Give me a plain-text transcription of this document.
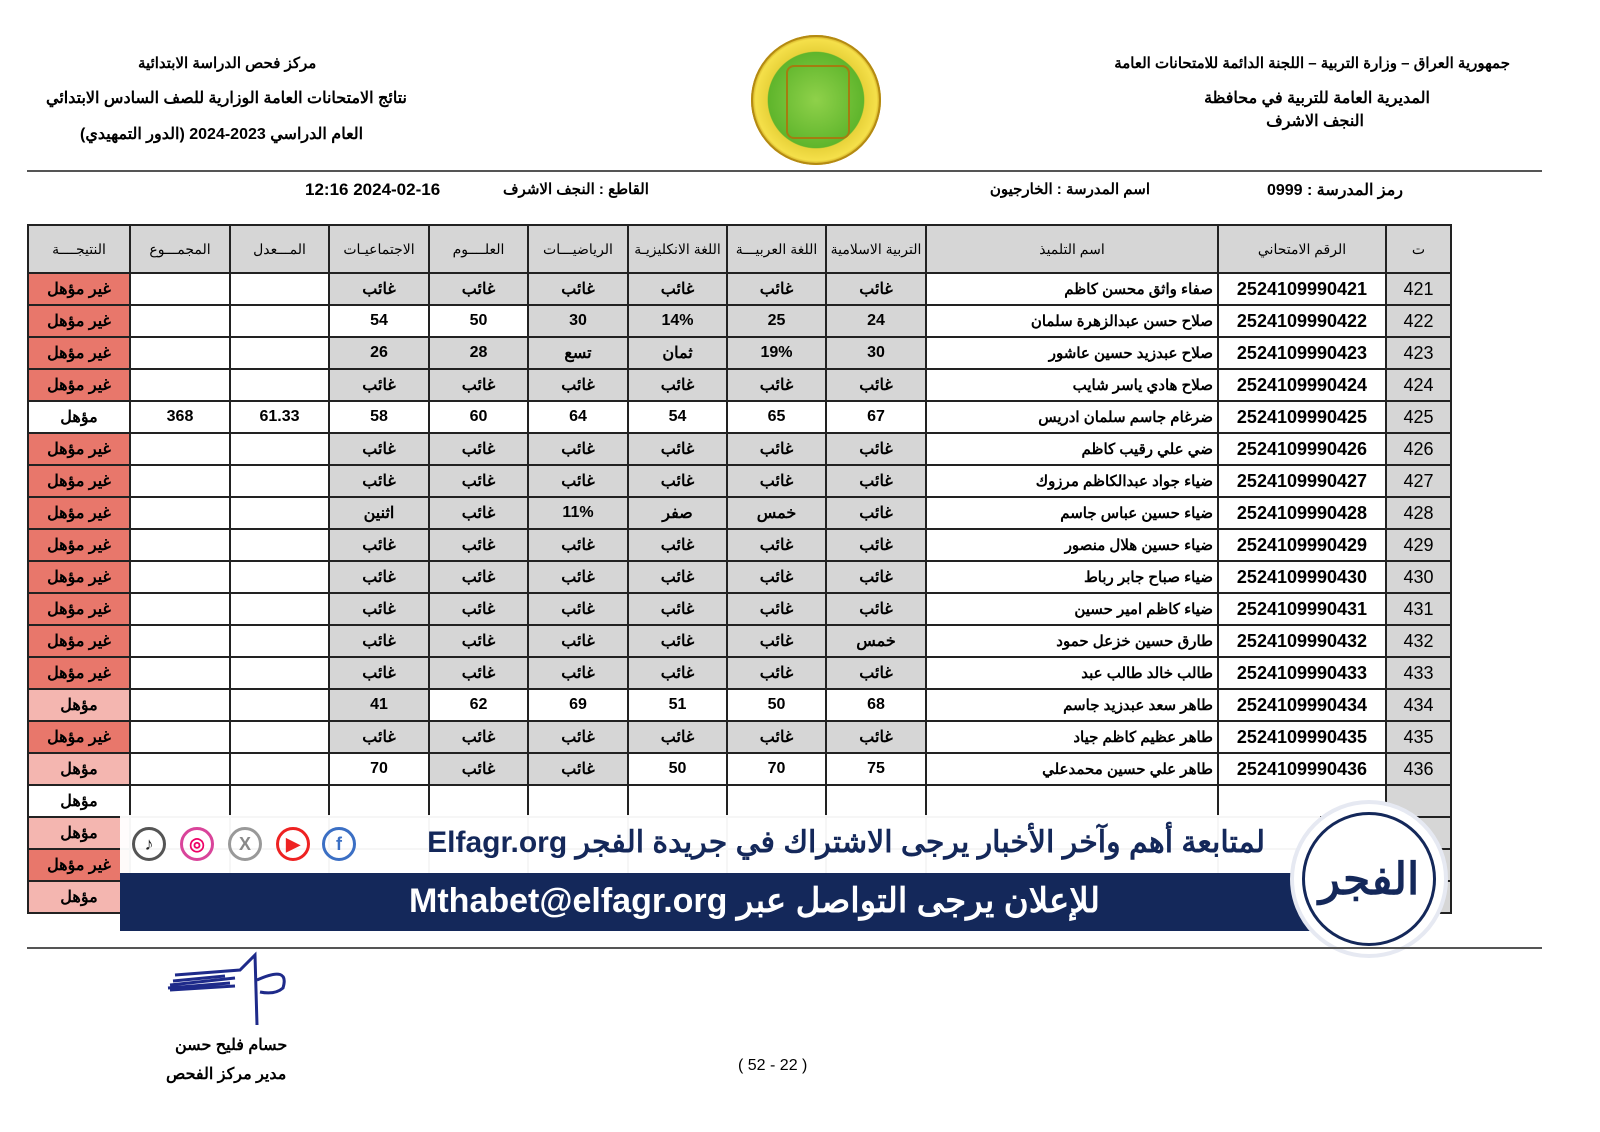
جمهورية العراق – وزارة التربية – اللجنة الدائمة للامتحانات العامة
المديرية العامة للتربية في محافظة
النجف الاشرف
مركز فحص الدراسة الابتدائية
نتائج الامتحانات العامة الوزارية للصف السادس الابتدائي
العام الدراسي 2023-2024 (الدور التمهيدي)
رمز المدرسة : 0999
اسم المدرسة : الخارجيون
القاطع : النجف الاشرف
12:16 2024-02-16
ت	الرقم الامتحاني	اسم التلميذ	التربية الاسلامية	اللغة العربيـــة	اللغة الانكليزيـة	الرياضيـــات	العلــــوم	الاجتماعيـات	المـــعدل	المجمـــوع	النتيجــــة
421	2524109990421	صفاء واثق محسن كاظم	غائب	غائب	غائب	غائب	غائب	غائب			غير مؤهل
422	2524109990422	صلاح حسن عبدالزهرة سلمان	24	25	14%	30	50	54			غير مؤهل
423	2524109990423	صلاح عبدزيد حسين عاشور	30	19%	ثمان	تسع	28	26			غير مؤهل
424	2524109990424	صلاح هادي ياسر شايب	غائب	غائب	غائب	غائب	غائب	غائب			غير مؤهل
425	2524109990425	ضرغام جاسم سلمان ادريس	67	65	54	64	60	58	61.33	368	مؤهل
426	2524109990426	ضي علي رقيب كاظم	غائب	غائب	غائب	غائب	غائب	غائب			غير مؤهل
427	2524109990427	ضياء جواد عبدالكاظم مرزوك	غائب	غائب	غائب	غائب	غائب	غائب			غير مؤهل
428	2524109990428	ضياء حسين عباس جاسم	غائب	خمس	صفر	11%	غائب	اثنين			غير مؤهل
429	2524109990429	ضياء حسين هلال منصور	غائب	غائب	غائب	غائب	غائب	غائب			غير مؤهل
430	2524109990430	ضياء صباح جابر رباط	غائب	غائب	غائب	غائب	غائب	غائب			غير مؤهل
431	2524109990431	ضياء كاظم امير حسين	غائب	غائب	غائب	غائب	غائب	غائب			غير مؤهل
432	2524109990432	طارق حسين خزعل حمود	خمس	غائب	غائب	غائب	غائب	غائب			غير مؤهل
433	2524109990433	طالب خالد طالب عبد	غائب	غائب	غائب	غائب	غائب	غائب			غير مؤهل
434	2524109990434	طاهر سعد عبدزيد جاسم	68	50	51	69	62	41			مؤهل
435	2524109990435	طاهر عظيم كاظم جياد	غائب	غائب	غائب	غائب	غائب	غائب			غير مؤهل
436	2524109990436	طاهر علي حسين محمدعلي	75	70	50	غائب	غائب	70			مؤهل
											مؤهل
											مؤهل
											غير مؤهل
											مؤهل
لمتابعة أهم وآخر الأخبار يرجى الاشتراك في جريدة الفجر Elfagr.org
للإعلان يرجى التواصل عبر Mthabet@elfagr.org
♪	◎	X	▶	f
الفجر
حسام فليح حسن
مدير مركز الفحص
( 52 - 22 )
